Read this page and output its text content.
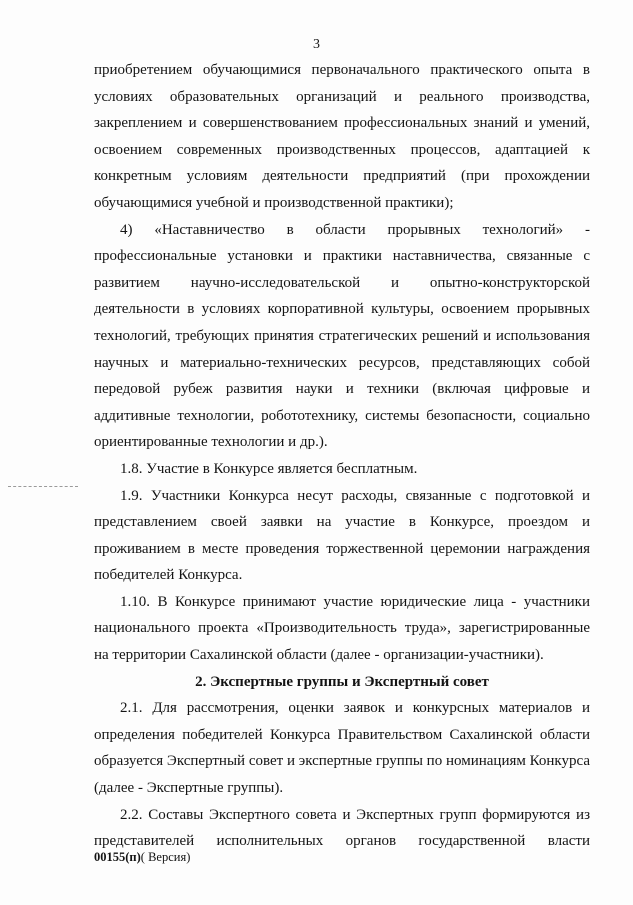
3

приобретением обучающимися первоначального практического опыта в условиях образовательных организаций и реального производства, закреплением и совершенствованием профессиональных знаний и умений, освоением современных производственных процессов, адаптацией к конкретным условиям деятельности предприятий (при прохождении обучающимися учебной и производственной практики);

4) «Наставничество в области прорывных технологий» - профессиональные установки и практики наставничества, связанные с развитием научно-исследовательской и опытно-конструкторской деятельности в условиях корпоративной культуры, освоением прорывных технологий, требующих принятия стратегических решений и использования научных и материально-технических ресурсов, представляющих собой передовой рубеж развития науки и техники (включая цифровые и аддитивные технологии, робототехнику, системы безопасности, социально ориентированные технологии и др.).

1.8. Участие в Конкурсе является бесплатным.

1.9. Участники Конкурса несут расходы, связанные с подготовкой и представлением своей заявки на участие в Конкурсе, проездом и проживанием в месте проведения торжественной церемонии награждения победителей Конкурса.

1.10. В Конкурсе принимают участие юридические лица - участники национального проекта «Производительность труда», зарегистрированные на территории Сахалинской области (далее - организации-участники).

2. Экспертные группы и Экспертный совет

2.1. Для рассмотрения, оценки заявок и конкурсных материалов и определения победителей Конкурса Правительством Сахалинской области образуется Экспертный совет и экспертные группы по номинациям Конкурса (далее - Экспертные группы).

2.2. Составы Экспертного совета и Экспертных групп формируются из представителей исполнительных органов государственной власти

00155(п)( Версия)
